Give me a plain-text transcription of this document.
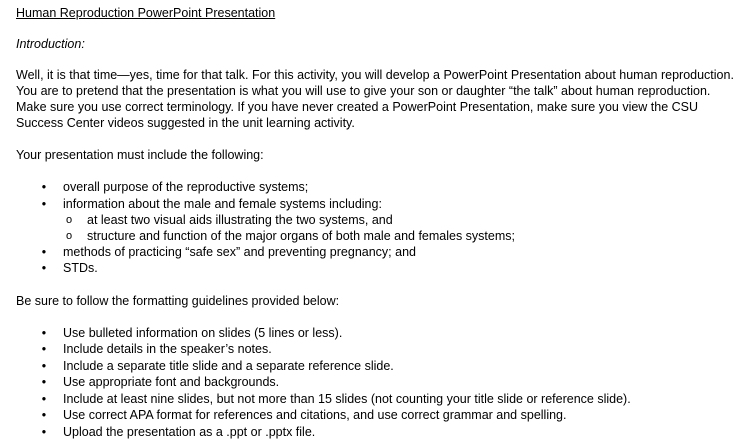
Human Reproduction PowerPoint Presentation

Introduction:

Well, it is that time—yes, time for that talk. For this activity, you will develop a PowerPoint Presentation about human reproduction. You are to pretend that the presentation is what you will use to give your son or daughter “the talk” about human reproduction. Make sure you use correct terminology. If you have never created a PowerPoint Presentation, make sure you view the CSU Success Center videos suggested in the unit learning activity.

Your presentation must include the following:

• overall purpose of the reproductive systems;
• information about the male and female systems including:
o at least two visual aids illustrating the two systems, and
o structure and function of the major organs of both male and females systems;
• methods of practicing “safe sex” and preventing pregnancy; and
• STDs.

Be sure to follow the formatting guidelines provided below:

• Use bulleted information on slides (5 lines or less).
• Include details in the speaker’s notes.
• Include a separate title slide and a separate reference slide.
• Use appropriate font and backgrounds.
• Include at least nine slides, but not more than 15 slides (not counting your title slide or reference slide).
• Use correct APA format for references and citations, and use correct grammar and spelling.
• Upload the presentation as a .ppt or .pptx file.
